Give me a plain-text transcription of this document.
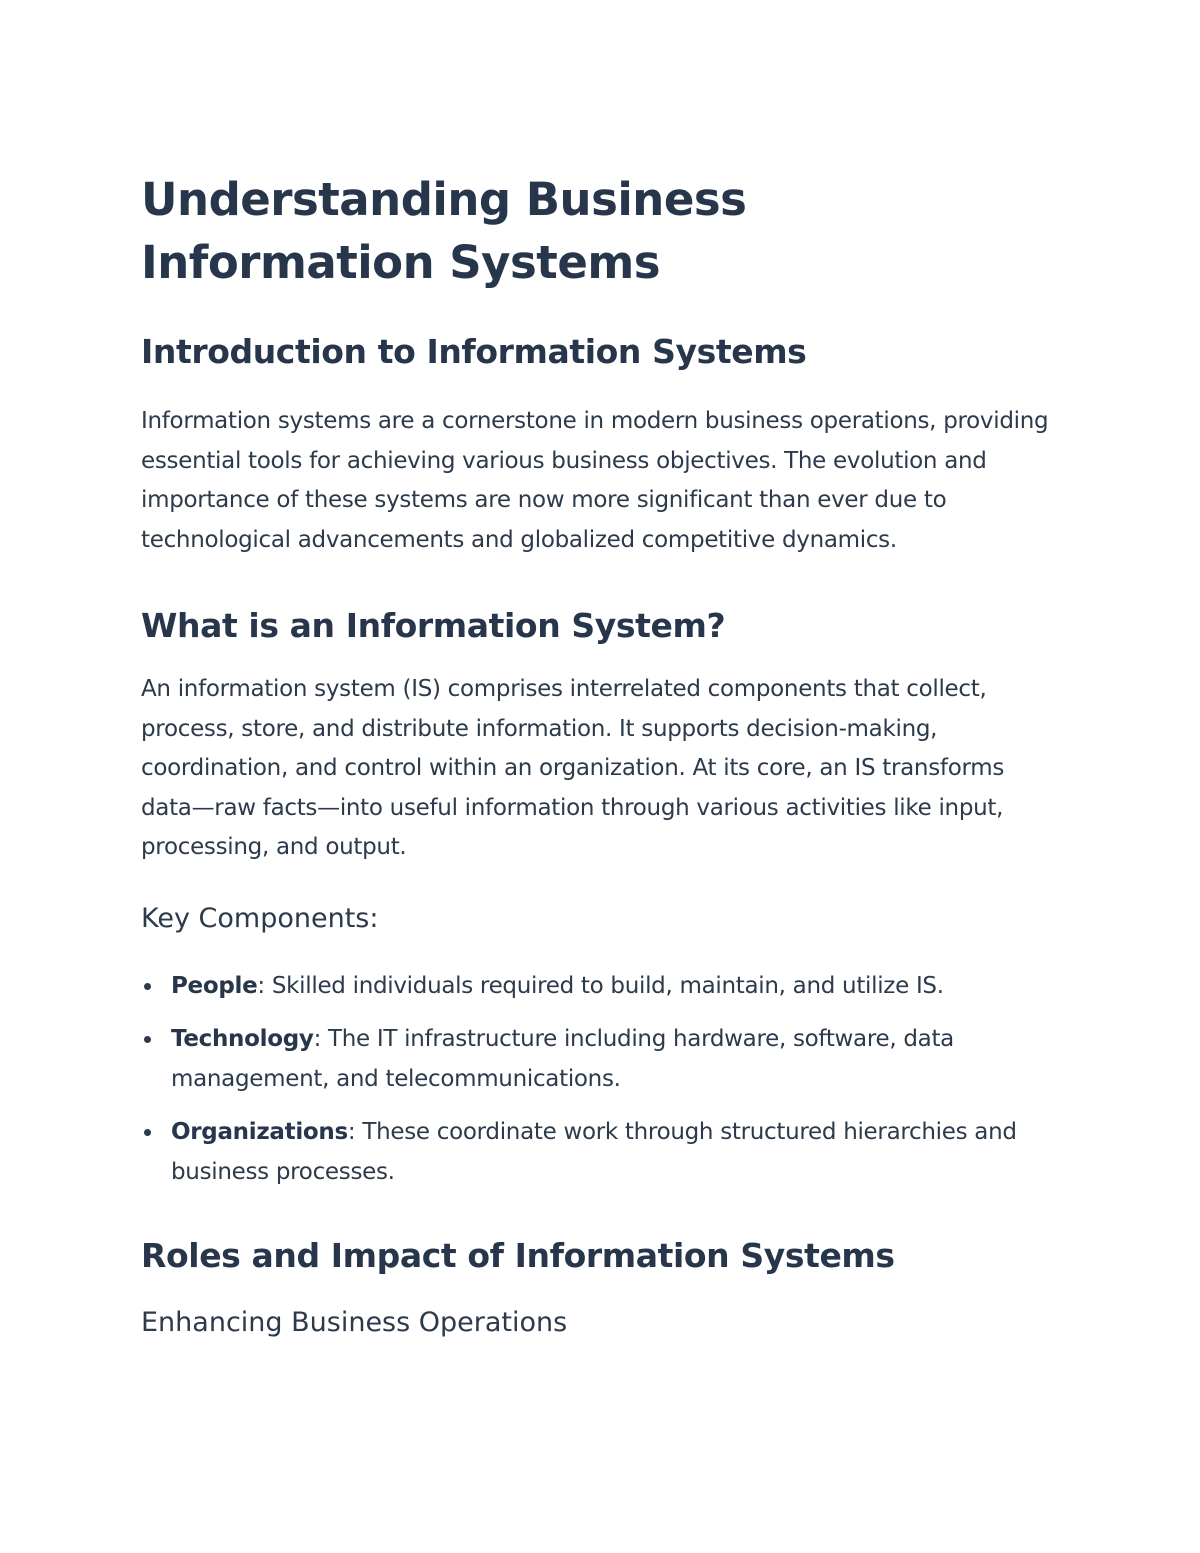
Understanding Business Information Systems
Introduction to Information Systems

Information systems are a cornerstone in modern business operations, providing essential tools for achieving various business objectives. The evolution and importance of these systems are now more significant than ever due to technological advancements and globalized competitive dynamics.

What is an Information System?

An information system (IS) comprises interrelated components that collect, process, store, and distribute information. It supports decision-making, coordination, and control within an organization. At its core, an IS transforms data—raw facts—into useful information through various activities like input, processing, and output.

Key Components:
People: Skilled individuals required to build, maintain, and utilize IS.
Technology: The IT infrastructure including hardware, software, data management, and telecommunications.
Organizations: These coordinate work through structured hierarchies and business processes.
Roles and Impact of Information Systems
Enhancing Business Operations
